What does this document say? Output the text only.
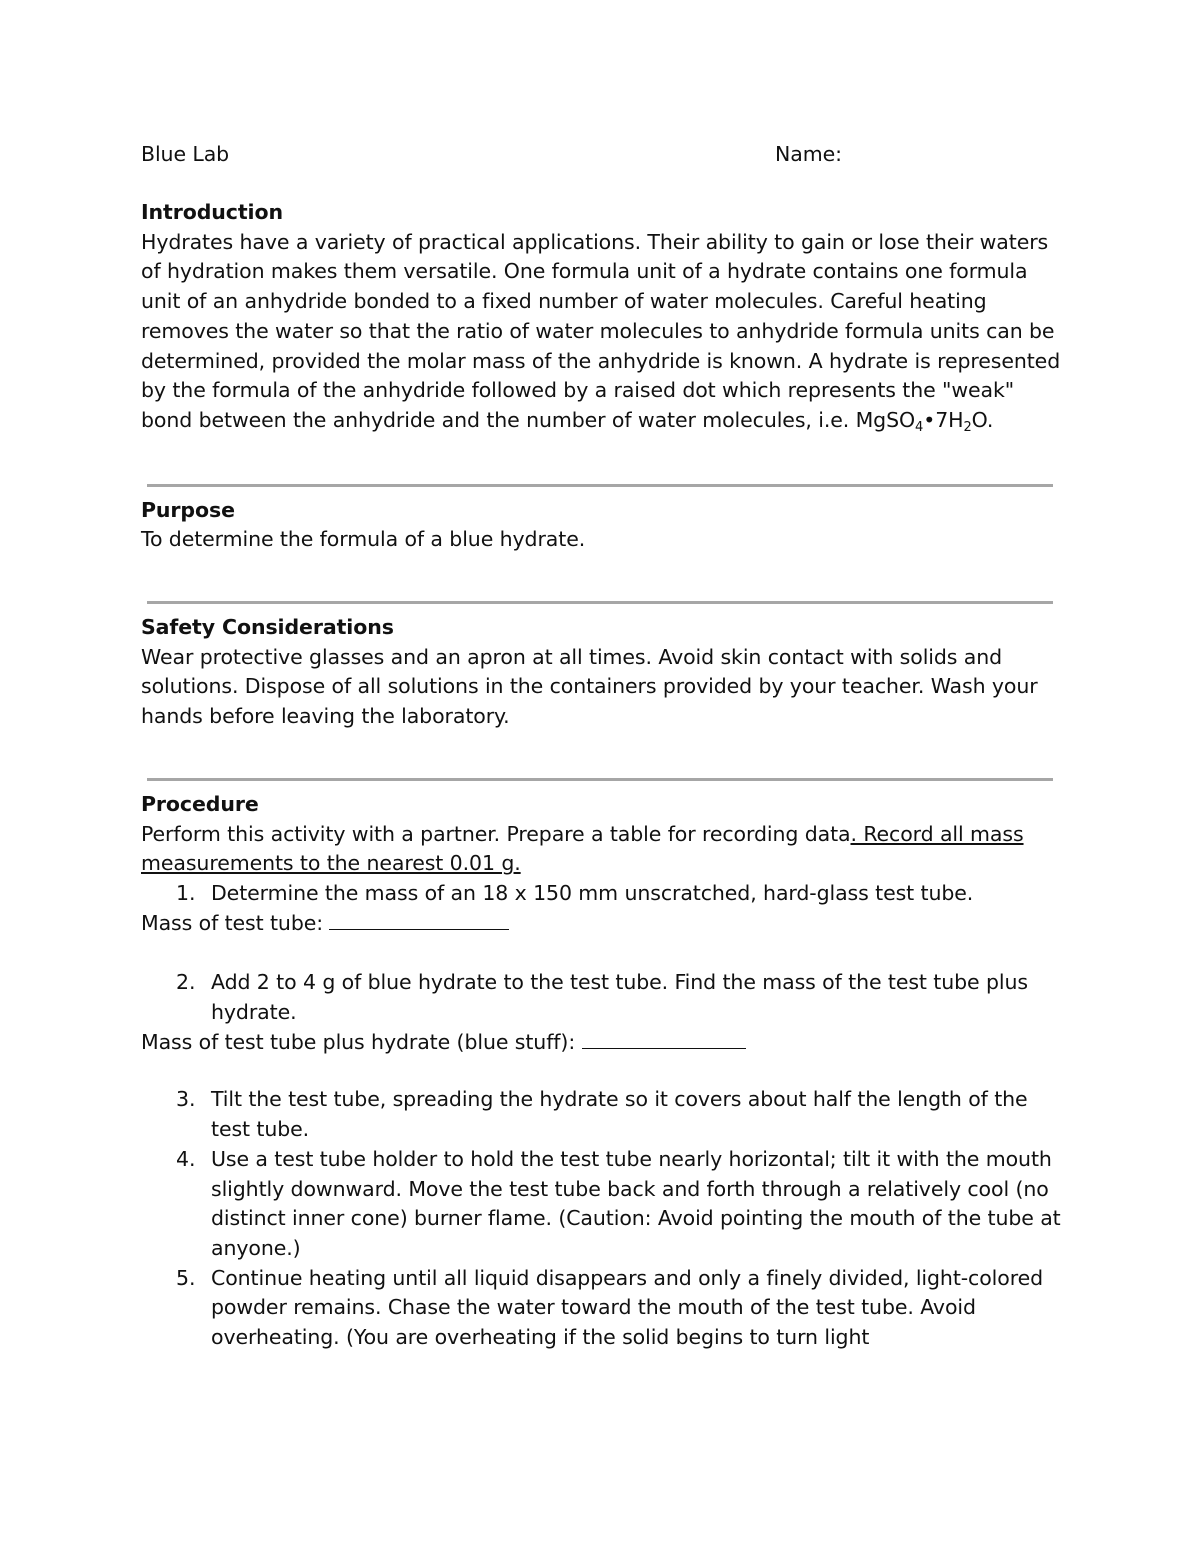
Blue Lab	Name:
Introduction

Hydrates have a variety of practical applications. Their ability to gain or lose their waters of hydration makes them versatile. One formula unit of a hydrate contains one formula unit of an anhydride bonded to a fixed number of water molecules. Careful heating removes the water so that the ratio of water molecules to anhydride formula units can be determined, provided the molar mass of the anhydride is known. A hydrate is represented by the formula of the anhydride followed by a raised dot which represents the "weak" bond between the anhydride and the number of water molecules, i.e. $MgSO_4•7H_2O$.

Purpose

To determine the formula of a blue hydrate.

Safety Considerations

Wear protective glasses and an apron at all times. Avoid skin contact with solids and solutions. Dispose of all solutions in the containers provided by your teacher. Wash your hands before leaving the laboratory.

Procedure

Perform this activity with a partner. Prepare a table for recording data. Record all mass measurements to the nearest 0.01 g.

1. Determine the mass of an 18 x 150 mm unscratched, hard-glass test tube.

Mass of test tube:

2. Add 2 to 4 g of blue hydrate to the test tube. Find the mass of the test tube plus hydrate.

Mass of test tube plus hydrate (blue stuff):

3. Tilt the test tube, spreading the hydrate so it covers about half the length of the test tube.
4. Use a test tube holder to hold the test tube nearly horizontal; tilt it with the mouth slightly downward. Move the test tube back and forth through a relatively cool (no distinct inner cone) burner flame. (Caution: Avoid pointing the mouth of the tube at anyone.)
5. Continue heating until all liquid disappears and only a finely divided, light-colored powder remains. Chase the water toward the mouth of the test tube. Avoid overheating. (You are overheating if the solid begins to turn light
